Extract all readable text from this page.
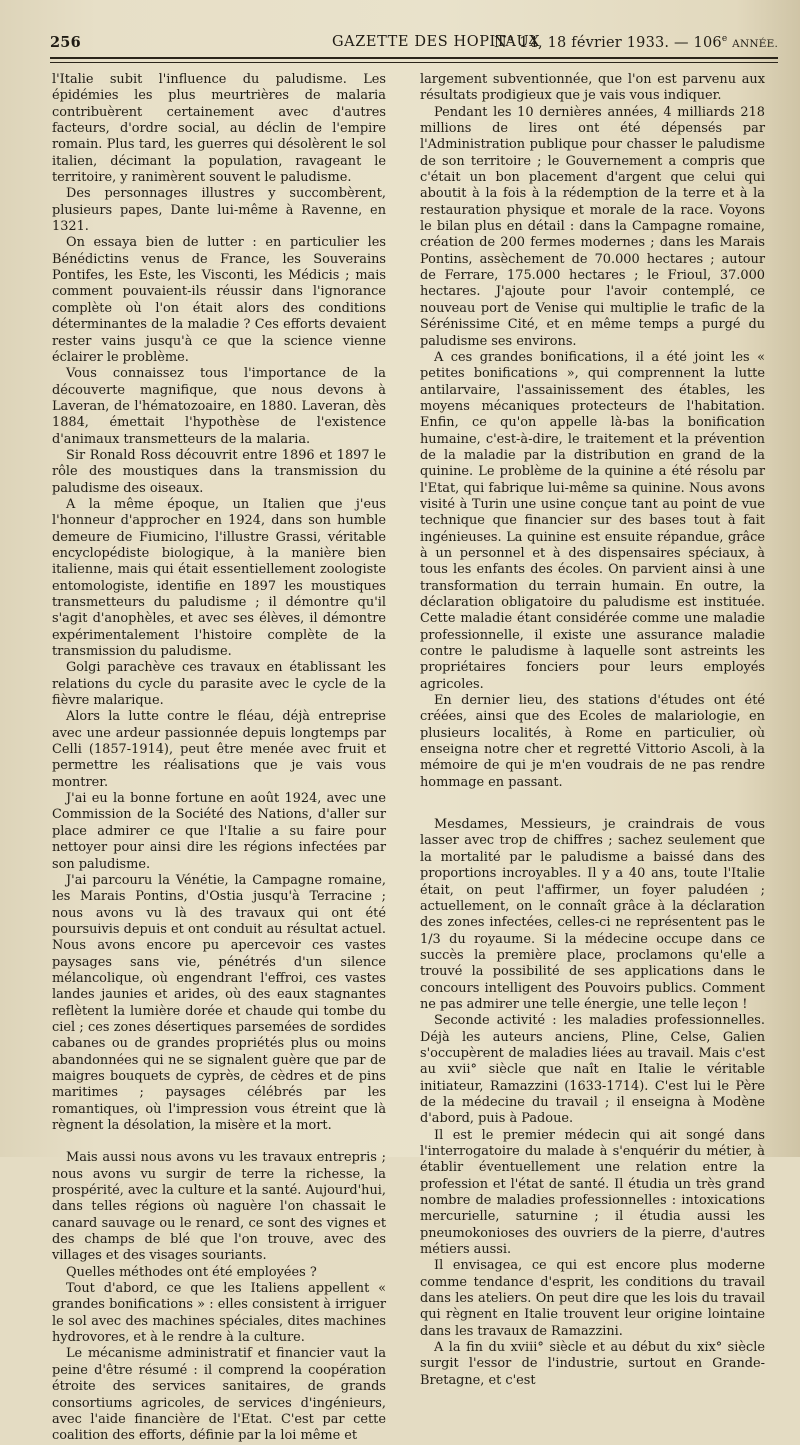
256	GAZETTE DES HOPITAUX
N° 14, 18 février 1933. — 106e ANNÉE.

l'Italie subit l'influence du paludisme. Les épidémies les plus meurtrières de malaria contribuèrent certainement avec d'autres facteurs, d'ordre social, au déclin de l'empire romain. Plus tard, les guerres qui désolèrent le sol italien, décimant la population, ravageant le territoire, y ranimèrent souvent le paludisme.

Des personnages illustres y succombèrent, plusieurs papes, Dante lui-même à Ravenne, en 1321.

On essaya bien de lutter : en particulier les Bénédictins venus de France, les Souverains Pontifes, les Este, les Visconti, les Médicis ; mais comment pouvaient-ils réussir dans l'ignorance complète où l'on était alors des conditions déterminantes de la maladie ? Ces efforts devaient rester vains jusqu'à ce que la science vienne éclairer le problème.

Vous connaissez tous l'importance de la découverte magnifique, que nous devons à Laveran, de l'hématozoaire, en 1880. Laveran, dès 1884, émettait l'hypothèse de l'existence d'animaux transmetteurs de la malaria.

Sir Ronald Ross découvrit entre 1896 et 1897 le rôle des moustiques dans la transmission du paludisme des oiseaux.

A la même époque, un Italien que j'eus l'honneur d'approcher en 1924, dans son humble demeure de Fiumicino, l'illustre Grassi, véritable encyclopédiste biologique, à la manière bien italienne, mais qui était essentiellement zoologiste entomologiste, identifie en 1897 les moustiques transmetteurs du paludisme ; il démontre qu'il s'agit d'anophèles, et avec ses élèves, il démontre expérimentalement l'histoire complète de la transmission du paludisme.

Golgi parachève ces travaux en établissant les relations du cycle du parasite avec le cycle de la fièvre malarique.

Alors la lutte contre le fléau, déjà entreprise avec une ardeur passionnée depuis longtemps par Celli (1857-1914), peut être menée avec fruit et permettre les réalisations que je vais vous montrer.

J'ai eu la bonne fortune en août 1924, avec une Commission de la Société des Nations, d'aller sur place admirer ce que l'Italie a su faire pour nettoyer pour ainsi dire les régions infectées par son paludisme.

J'ai parcouru la Vénétie, la Campagne romaine, les Marais Pontins, d'Ostia jusqu'à Terracine ; nous avons vu là des travaux qui ont été poursuivis depuis et ont conduit au résultat actuel. Nous avons encore pu apercevoir ces vastes paysages sans vie, pénétrés d'un silence mélancolique, où engendrant l'effroi, ces vastes landes jaunies et arides, où des eaux stagnantes reflètent la lumière dorée et chaude qui tombe du ciel ; ces zones désertiques parsemées de sordides cabanes ou de grandes propriétés plus ou moins abandonnées qui ne se signalent guère que par de maigres bouquets de cyprès, de cèdres et de pins maritimes ; paysages célébrés par les romantiques, où l'impression vous étreint que là règnent la désolation, la misère et la mort.

Mais aussi nous avons vu les travaux entrepris ; nous avons vu surgir de terre la richesse, la prospérité, avec la culture et la santé. Aujourd'hui, dans telles régions où naguère l'on chassait le canard sauvage ou le renard, ce sont des vignes et des champs de blé que l'on trouve, avec des villages et des visages souriants.

Quelles méthodes ont été employées ?

Tout d'abord, ce que les Italiens appellent « grandes bonifications » : elles consistent à irriguer le sol avec des machines spéciales, dites machines hydrovores, et à le rendre à la culture.

Le mécanisme administratif et financier vaut la peine d'être résumé : il comprend la coopération étroite des services sanitaires, de grands consortiums agricoles, de services d'ingénieurs, avec l'aide financière de l'Etat. C'est par cette coalition des efforts, définie par la loi même et

largement subventionnée, que l'on est parvenu aux résultats prodigieux que je vais vous indiquer.

Pendant les 10 dernières années, 4 milliards 218 millions de lires ont été dépensés par l'Administration publique pour chasser le paludisme de son territoire ; le Gouvernement a compris que c'était un bon placement d'argent que celui qui aboutit à la fois à la rédemption de la terre et à la restauration physique et morale de la race. Voyons le bilan plus en détail : dans la Campagne romaine, création de 200 fermes modernes ; dans les Marais Pontins, assèchement de 70.000 hectares ; autour de Ferrare, 175.000 hectares ; le Frioul, 37.000 hectares. J'ajoute pour l'avoir contemplé, ce nouveau port de Venise qui multiplie le trafic de la Sérénissime Cité, et en même temps a purgé du paludisme ses environs.

A ces grandes bonifications, il a été joint les « petites bonifications », qui comprennent la lutte antilarvaire, l'assainissement des étables, les moyens mécaniques protecteurs de l'habitation. Enfin, ce qu'on appelle là-bas la bonification humaine, c'est-à-dire, le traitement et la prévention de la maladie par la distribution en grand de la quinine. Le problème de la quinine a été résolu par l'Etat, qui fabrique lui-même sa quinine. Nous avons visité à Turin une usine conçue tant au point de vue technique que financier sur des bases tout à fait ingénieuses. La quinine est ensuite répandue, grâce à un personnel et à des dispensaires spéciaux, à tous les enfants des écoles. On parvient ainsi à une transformation du terrain humain. En outre, la déclaration obligatoire du paludisme est instituée. Cette maladie étant considérée comme une maladie professionnelle, il existe une assurance maladie contre le paludisme à laquelle sont astreints les propriétaires fonciers pour leurs employés agricoles.

En dernier lieu, des stations d'études ont été créées, ainsi que des Ecoles de malariologie, en plusieurs localités, à Rome en particulier, où enseigna notre cher et regretté Vittorio Ascoli, à la mémoire de qui je m'en voudrais de ne pas rendre hommage en passant.

Mesdames, Messieurs, je craindrais de vous lasser avec trop de chiffres ; sachez seulement que la mortalité par le paludisme a baissé dans des proportions incroyables. Il y a 40 ans, toute l'Italie était, on peut l'affirmer, un foyer paludéen ; actuellement, on le connaît grâce à la déclaration des zones infectées, celles-ci ne représentent pas le 1/3 du royaume. Si la médecine occupe dans ce succès la première place, proclamons qu'elle a trouvé la possibilité de ses applications dans le concours intelligent des Pouvoirs publics. Comment ne pas admirer une telle énergie, une telle leçon !

Seconde activité : les maladies professionnelles. Déjà les auteurs anciens, Pline, Celse, Galien s'occupèrent de maladies liées au travail. Mais c'est au xvii° siècle que naît en Italie le véritable initiateur, Ramazzini (1633-1714). C'est lui le Père de la médecine du travail ; il enseigna à Modène d'abord, puis à Padoue.

Il est le premier médecin qui ait songé dans l'interrogatoire du malade à s'enquérir du métier, à établir éventuellement une relation entre la profession et l'état de santé. Il étudia un très grand nombre de maladies professionnelles : intoxications mercurielle, saturnine ; il étudia aussi les pneumokonioses des ouvriers de la pierre, d'autres métiers aussi.

Il envisagea, ce qui est encore plus moderne comme tendance d'esprit, les conditions du travail dans les ateliers. On peut dire que les lois du travail qui règnent en Italie trouvent leur origine lointaine dans les travaux de Ramazzini.

A la fin du xviii° siècle et au début du xix° siècle surgit l'essor de l'industrie, surtout en Grande-Bretagne, et c'est
